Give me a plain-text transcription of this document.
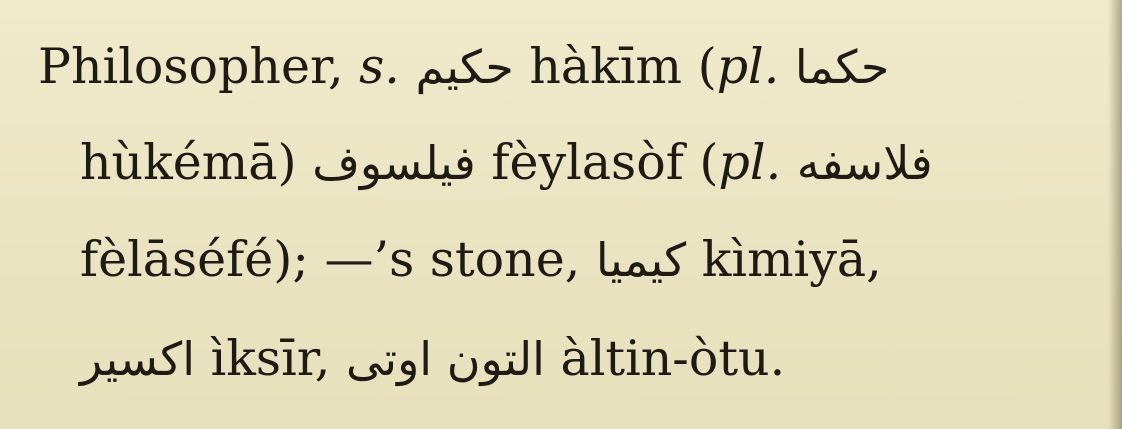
Philosopher, s. حكيم hàkīm (pl. حكما
hùkémā) فيلسوف fèylasòf (pl. فلاسفه
fèlāséfé); —’s stone, كيميا kìmiyā,
اكسير ìksīr, التون اوتى àltin-òtu.
